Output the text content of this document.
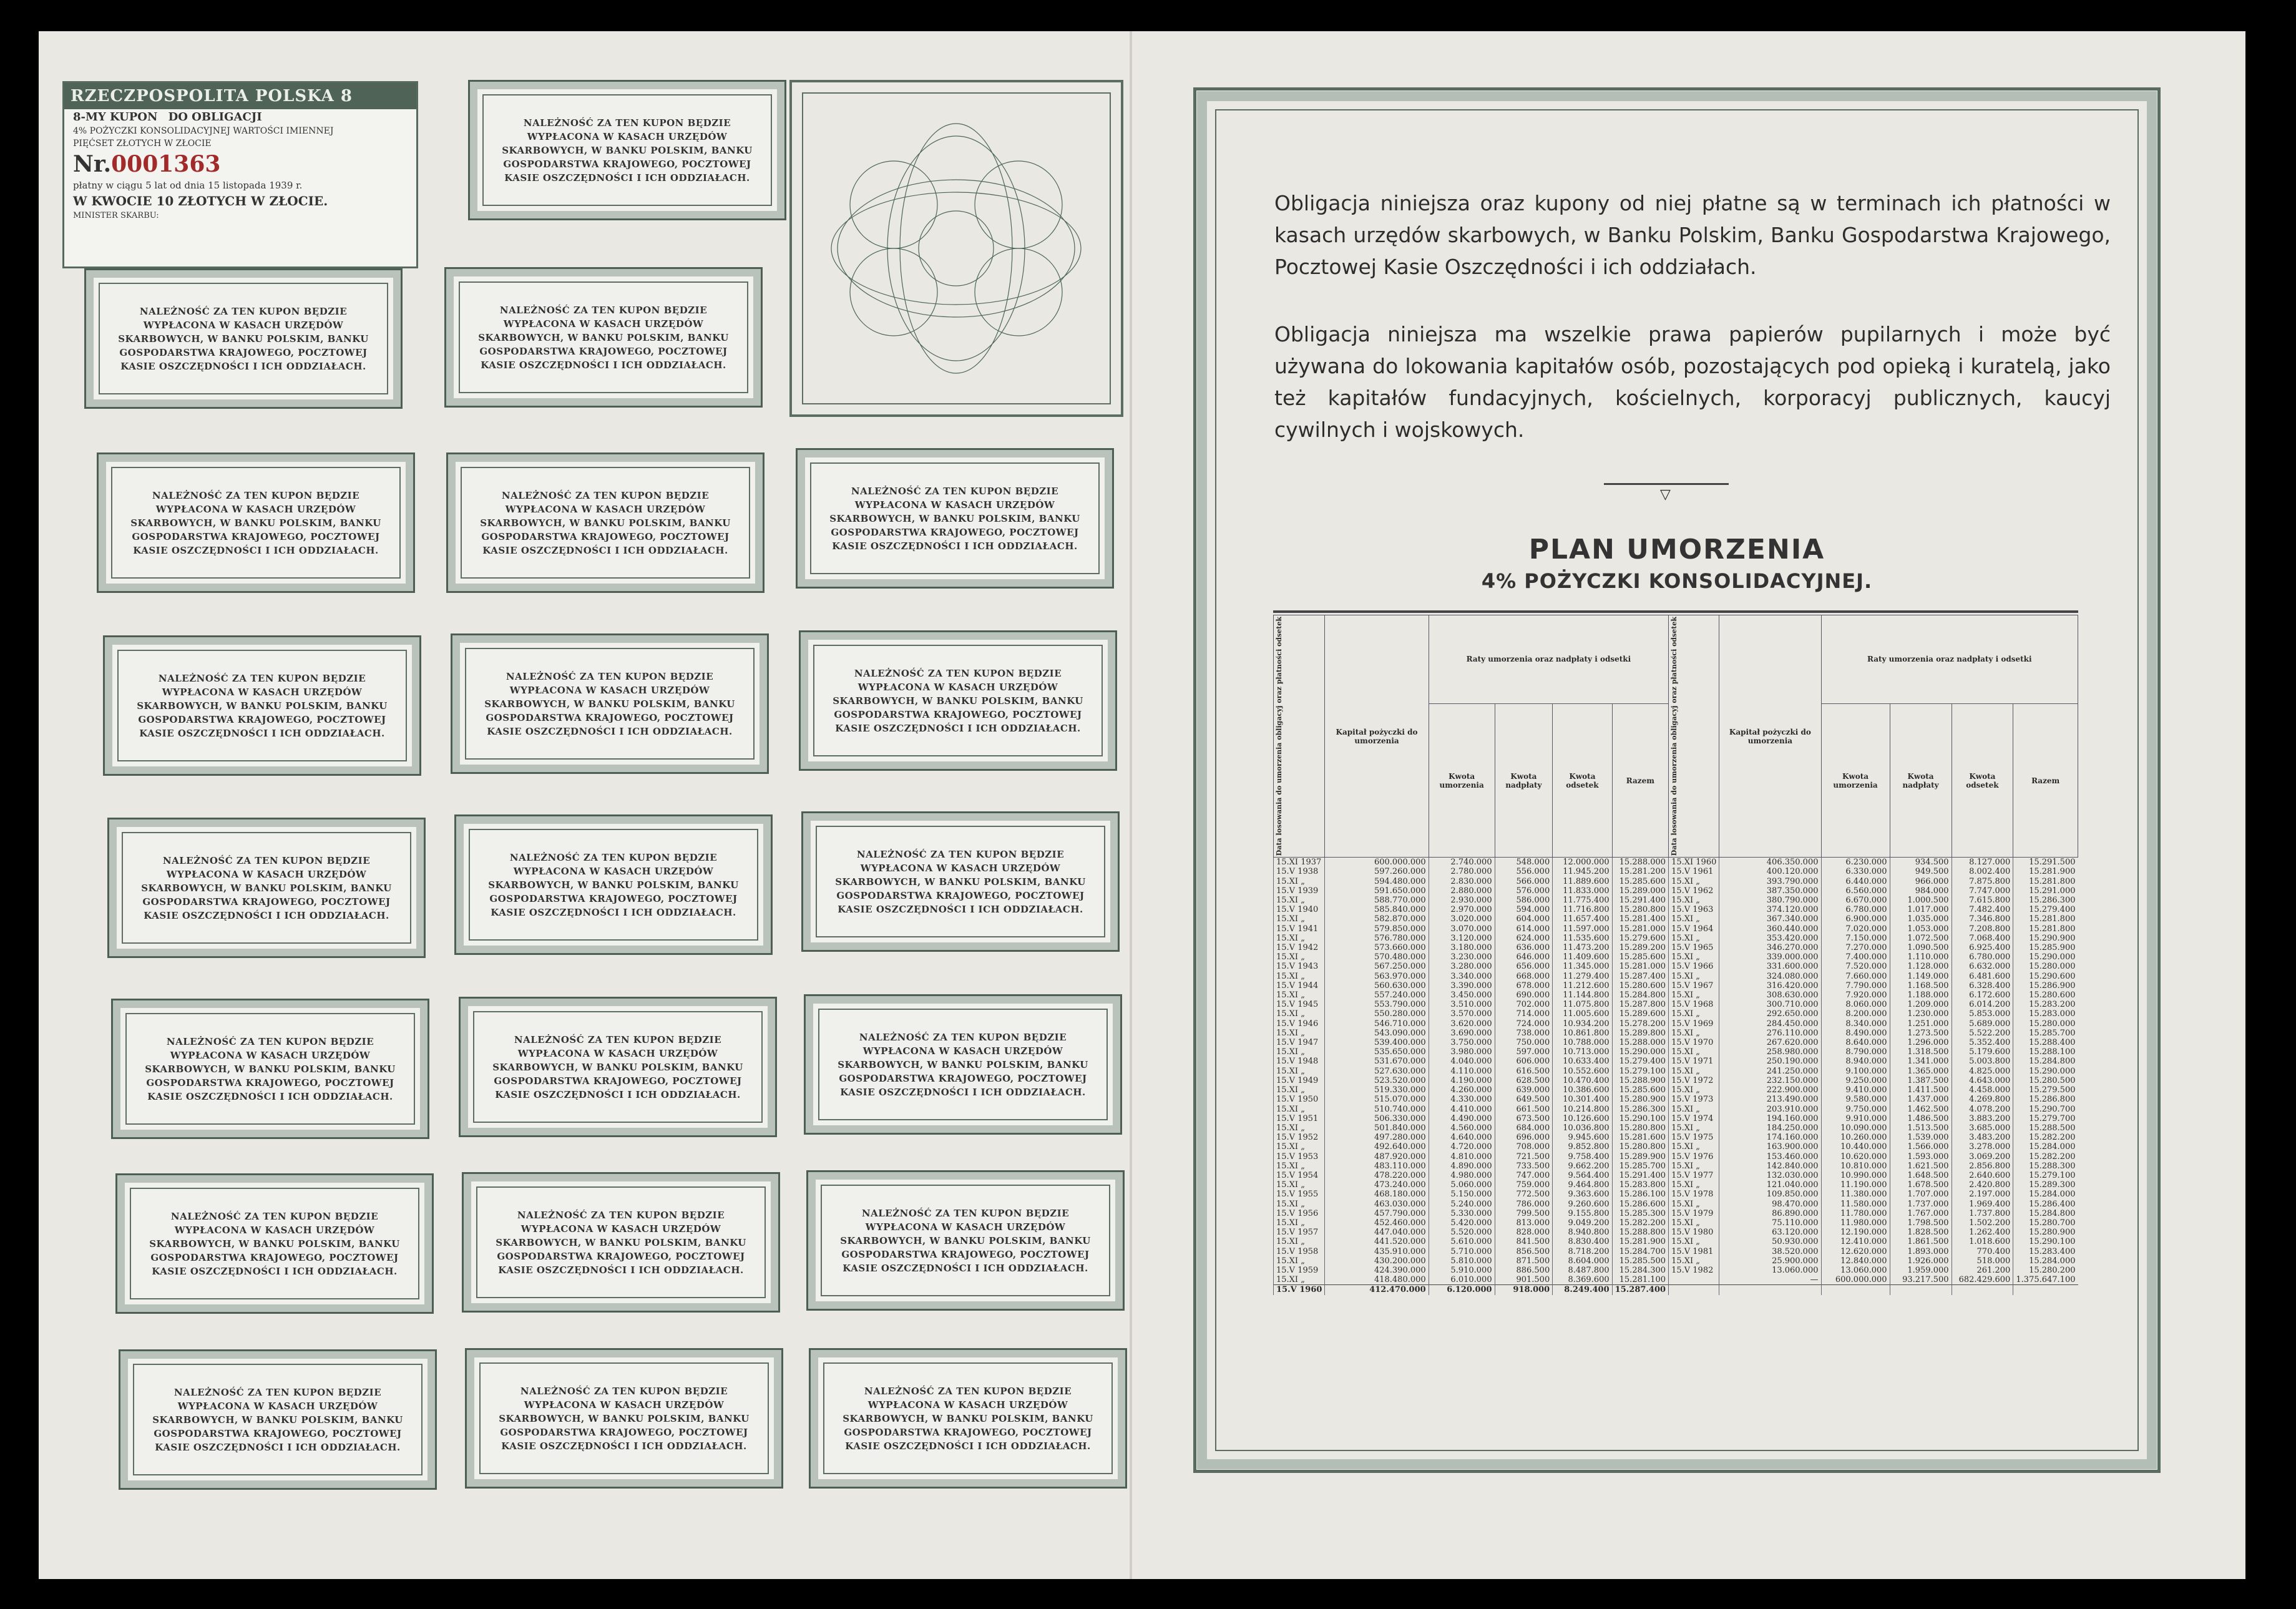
RZECZPOSPOLITA POLSKA 8
8-MY KUPON DO OBLIGACJI
4% POŻYCZKI KONSOLIDACYJNEJ WARTOŚCI IMIENNEJ
PIĘĆSET ZŁOTYCH W ZŁOCIE
Nr.0001363
płatny w ciągu 5 lat od dnia 15 listopada 1939 r.
W KWOCIE 10 ZŁOTYCH W ZŁOCIE.
MINISTER SKARBU:
NALEŻNOŚĆ ZA TEN KUPON BĘDZIE WYPŁACONA W KASACH URZĘDÓW SKARBOWYCH, W BANKU POLSKIM, BANKU GOSPODARSTWA KRAJOWEGO, POCZTOWEJ KASIE OSZCZĘDNOŚCI I ICH ODDZIAŁACH.
NALEŻNOŚĆ ZA TEN KUPON BĘDZIE WYPŁACONA W KASACH URZĘDÓW SKARBOWYCH, W BANKU POLSKIM, BANKU GOSPODARSTWA KRAJOWEGO, POCZTOWEJ KASIE OSZCZĘDNOŚCI I ICH ODDZIAŁACH.
NALEŻNOŚĆ ZA TEN KUPON BĘDZIE WYPŁACONA W KASACH URZĘDÓW SKARBOWYCH, W BANKU POLSKIM, BANKU GOSPODARSTWA KRAJOWEGO, POCZTOWEJ KASIE OSZCZĘDNOŚCI I ICH ODDZIAŁACH.
NALEŻNOŚĆ ZA TEN KUPON BĘDZIE WYPŁACONA W KASACH URZĘDÓW SKARBOWYCH, W BANKU POLSKIM, BANKU GOSPODARSTWA KRAJOWEGO, POCZTOWEJ KASIE OSZCZĘDNOŚCI I ICH ODDZIAŁACH.
NALEŻNOŚĆ ZA TEN KUPON BĘDZIE WYPŁACONA W KASACH URZĘDÓW SKARBOWYCH, W BANKU POLSKIM, BANKU GOSPODARSTWA KRAJOWEGO, POCZTOWEJ KASIE OSZCZĘDNOŚCI I ICH ODDZIAŁACH.
NALEŻNOŚĆ ZA TEN KUPON BĘDZIE WYPŁACONA W KASACH URZĘDÓW SKARBOWYCH, W BANKU POLSKIM, BANKU GOSPODARSTWA KRAJOWEGO, POCZTOWEJ KASIE OSZCZĘDNOŚCI I ICH ODDZIAŁACH.
NALEŻNOŚĆ ZA TEN KUPON BĘDZIE WYPŁACONA W KASACH URZĘDÓW SKARBOWYCH, W BANKU POLSKIM, BANKU GOSPODARSTWA KRAJOWEGO, POCZTOWEJ KASIE OSZCZĘDNOŚCI I ICH ODDZIAŁACH.
NALEŻNOŚĆ ZA TEN KUPON BĘDZIE WYPŁACONA W KASACH URZĘDÓW SKARBOWYCH, W BANKU POLSKIM, BANKU GOSPODARSTWA KRAJOWEGO, POCZTOWEJ KASIE OSZCZĘDNOŚCI I ICH ODDZIAŁACH.
NALEŻNOŚĆ ZA TEN KUPON BĘDZIE WYPŁACONA W KASACH URZĘDÓW SKARBOWYCH, W BANKU POLSKIM, BANKU GOSPODARSTWA KRAJOWEGO, POCZTOWEJ KASIE OSZCZĘDNOŚCI I ICH ODDZIAŁACH.
NALEŻNOŚĆ ZA TEN KUPON BĘDZIE WYPŁACONA W KASACH URZĘDÓW SKARBOWYCH, W BANKU POLSKIM, BANKU GOSPODARSTWA KRAJOWEGO, POCZTOWEJ KASIE OSZCZĘDNOŚCI I ICH ODDZIAŁACH.
NALEŻNOŚĆ ZA TEN KUPON BĘDZIE WYPŁACONA W KASACH URZĘDÓW SKARBOWYCH, W BANKU POLSKIM, BANKU GOSPODARSTWA KRAJOWEGO, POCZTOWEJ KASIE OSZCZĘDNOŚCI I ICH ODDZIAŁACH.
NALEŻNOŚĆ ZA TEN KUPON BĘDZIE WYPŁACONA W KASACH URZĘDÓW SKARBOWYCH, W BANKU POLSKIM, BANKU GOSPODARSTWA KRAJOWEGO, POCZTOWEJ KASIE OSZCZĘDNOŚCI I ICH ODDZIAŁACH.
NALEŻNOŚĆ ZA TEN KUPON BĘDZIE WYPŁACONA W KASACH URZĘDÓW SKARBOWYCH, W BANKU POLSKIM, BANKU GOSPODARSTWA KRAJOWEGO, POCZTOWEJ KASIE OSZCZĘDNOŚCI I ICH ODDZIAŁACH.
NALEŻNOŚĆ ZA TEN KUPON BĘDZIE WYPŁACONA W KASACH URZĘDÓW SKARBOWYCH, W BANKU POLSKIM, BANKU GOSPODARSTWA KRAJOWEGO, POCZTOWEJ KASIE OSZCZĘDNOŚCI I ICH ODDZIAŁACH.
NALEŻNOŚĆ ZA TEN KUPON BĘDZIE WYPŁACONA W KASACH URZĘDÓW SKARBOWYCH, W BANKU POLSKIM, BANKU GOSPODARSTWA KRAJOWEGO, POCZTOWEJ KASIE OSZCZĘDNOŚCI I ICH ODDZIAŁACH.
NALEŻNOŚĆ ZA TEN KUPON BĘDZIE WYPŁACONA W KASACH URZĘDÓW SKARBOWYCH, W BANKU POLSKIM, BANKU GOSPODARSTWA KRAJOWEGO, POCZTOWEJ KASIE OSZCZĘDNOŚCI I ICH ODDZIAŁACH.
NALEŻNOŚĆ ZA TEN KUPON BĘDZIE WYPŁACONA W KASACH URZĘDÓW SKARBOWYCH, W BANKU POLSKIM, BANKU GOSPODARSTWA KRAJOWEGO, POCZTOWEJ KASIE OSZCZĘDNOŚCI I ICH ODDZIAŁACH.
NALEŻNOŚĆ ZA TEN KUPON BĘDZIE WYPŁACONA W KASACH URZĘDÓW SKARBOWYCH, W BANKU POLSKIM, BANKU GOSPODARSTWA KRAJOWEGO, POCZTOWEJ KASIE OSZCZĘDNOŚCI I ICH ODDZIAŁACH.
NALEŻNOŚĆ ZA TEN KUPON BĘDZIE WYPŁACONA W KASACH URZĘDÓW SKARBOWYCH, W BANKU POLSKIM, BANKU GOSPODARSTWA KRAJOWEGO, POCZTOWEJ KASIE OSZCZĘDNOŚCI I ICH ODDZIAŁACH.
NALEŻNOŚĆ ZA TEN KUPON BĘDZIE WYPŁACONA W KASACH URZĘDÓW SKARBOWYCH, W BANKU POLSKIM, BANKU GOSPODARSTWA KRAJOWEGO, POCZTOWEJ KASIE OSZCZĘDNOŚCI I ICH ODDZIAŁACH.
NALEŻNOŚĆ ZA TEN KUPON BĘDZIE WYPŁACONA W KASACH URZĘDÓW SKARBOWYCH, W BANKU POLSKIM, BANKU GOSPODARSTWA KRAJOWEGO, POCZTOWEJ KASIE OSZCZĘDNOŚCI I ICH ODDZIAŁACH.
Obligacja niniejsza oraz kupony od niej płatne są w terminach ich płatności w kasach urzędów skarbowych, w Banku Polskim, Banku Gospodarstwa Krajowego, Pocztowej Kasie Oszczędności i ich oddziałach.
Obligacja niniejsza ma wszelkie prawa papierów pupilarnych i może być używana do lokowania kapitałów osób, pozostających pod opieką i kuratelą, jako też kapitałów fundacyjnych, kościelnych, korporacyj publicznych, kaucyj cywilnych i wojskowych.
▽
PLAN UMORZENIA
4% POŻYCZKI KONSOLIDACYJNEJ.
Data losowania do umorzenia obligacyj oraz płatności odsetek	Kapitał pożyczki do umorzenia	Raty umorzenia oraz nadpłaty i odsetki				Data losowania do umorzenia obligacyj oraz płatności odsetek	Kapitał pożyczki do umorzenia	Raty umorzenia oraz nadpłaty i odsetki			
		Kwota umorzenia	Kwota nadpłaty	Kwota odsetek	Razem			Kwota umorzenia	Kwota nadpłaty	Kwota odsetek	Razem
15.XI 1937	600.000.000	2.740.000	548.000	12.000.000	15.288.000	15.XI 1960	406.350.000	6.230.000	934.500	8.127.000	15.291.500
15.V 1938	597.260.000	2.780.000	556.000	11.945.200	15.281.200	15.V 1961	400.120.000	6.330.000	949.500	8.002.400	15.281.900
15.XI „	594.480.000	2.830.000	566.000	11.889.600	15.285.600	15.XI „	393.790.000	6.440.000	966.000	7.875.800	15.281.800
15.V 1939	591.650.000	2.880.000	576.000	11.833.000	15.289.000	15.V 1962	387.350.000	6.560.000	984.000	7.747.000	15.291.000
15.XI „	588.770.000	2.930.000	586.000	11.775.400	15.291.400	15.XI „	380.790.000	6.670.000	1.000.500	7.615.800	15.286.300
15.V 1940	585.840.000	2.970.000	594.000	11.716.800	15.280.800	15.V 1963	374.120.000	6.780.000	1.017.000	7.482.400	15.279.400
15.XI „	582.870.000	3.020.000	604.000	11.657.400	15.281.400	15.XI „	367.340.000	6.900.000	1.035.000	7.346.800	15.281.800
15.V 1941	579.850.000	3.070.000	614.000	11.597.000	15.281.000	15.V 1964	360.440.000	7.020.000	1.053.000	7.208.800	15.281.800
15.XI „	576.780.000	3.120.000	624.000	11.535.600	15.279.600	15.XI „	353.420.000	7.150.000	1.072.500	7.068.400	15.290.900
15.V 1942	573.660.000	3.180.000	636.000	11.473.200	15.289.200	15.V 1965	346.270.000	7.270.000	1.090.500	6.925.400	15.285.900
15.XI „	570.480.000	3.230.000	646.000	11.409.600	15.285.600	15.XI „	339.000.000	7.400.000	1.110.000	6.780.000	15.290.000
15.V 1943	567.250.000	3.280.000	656.000	11.345.000	15.281.000	15.V 1966	331.600.000	7.520.000	1.128.000	6.632.000	15.280.000
15.XI „	563.970.000	3.340.000	668.000	11.279.400	15.287.400	15.XI „	324.080.000	7.660.000	1.149.000	6.481.600	15.290.600
15.V 1944	560.630.000	3.390.000	678.000	11.212.600	15.280.600	15.V 1967	316.420.000	7.790.000	1.168.500	6.328.400	15.286.900
15.XI „	557.240.000	3.450.000	690.000	11.144.800	15.284.800	15.XI „	308.630.000	7.920.000	1.188.000	6.172.600	15.280.600
15.V 1945	553.790.000	3.510.000	702.000	11.075.800	15.287.800	15.V 1968	300.710.000	8.060.000	1.209.000	6.014.200	15.283.200
15.XI „	550.280.000	3.570.000	714.000	11.005.600	15.289.600	15.XI „	292.650.000	8.200.000	1.230.000	5.853.000	15.283.000
15.V 1946	546.710.000	3.620.000	724.000	10.934.200	15.278.200	15.V 1969	284.450.000	8.340.000	1.251.000	5.689.000	15.280.000
15.XI „	543.090.000	3.690.000	738.000	10.861.800	15.289.800	15.XI „	276.110.000	8.490.000	1.273.500	5.522.200	15.285.700
15.V 1947	539.400.000	3.750.000	750.000	10.788.000	15.288.000	15.V 1970	267.620.000	8.640.000	1.296.000	5.352.400	15.288.400
15.XI „	535.650.000	3.980.000	597.000	10.713.000	15.290.000	15.XI „	258.980.000	8.790.000	1.318.500	5.179.600	15.288.100
15.V 1948	531.670.000	4.040.000	606.000	10.633.400	15.279.400	15.V 1971	250.190.000	8.940.000	1.341.000	5.003.800	15.284.800
15.XI „	527.630.000	4.110.000	616.500	10.552.600	15.279.100	15.XI „	241.250.000	9.100.000	1.365.000	4.825.000	15.290.000
15.V 1949	523.520.000	4.190.000	628.500	10.470.400	15.288.900	15.V 1972	232.150.000	9.250.000	1.387.500	4.643.000	15.280.500
15.XI „	519.330.000	4.260.000	639.000	10.386.600	15.285.600	15.XI „	222.900.000	9.410.000	1.411.500	4.458.000	15.279.500
15.V 1950	515.070.000	4.330.000	649.500	10.301.400	15.280.900	15.V 1973	213.490.000	9.580.000	1.437.000	4.269.800	15.286.800
15.XI „	510.740.000	4.410.000	661.500	10.214.800	15.286.300	15.XI „	203.910.000	9.750.000	1.462.500	4.078.200	15.290.700
15.V 1951	506.330.000	4.490.000	673.500	10.126.600	15.290.100	15.V 1974	194.160.000	9.910.000	1.486.500	3.883.200	15.279.700
15.XI „	501.840.000	4.560.000	684.000	10.036.800	15.280.800	15.XI „	184.250.000	10.090.000	1.513.500	3.685.000	15.288.500
15.V 1952	497.280.000	4.640.000	696.000	9.945.600	15.281.600	15.V 1975	174.160.000	10.260.000	1.539.000	3.483.200	15.282.200
15.XI „	492.640.000	4.720.000	708.000	9.852.800	15.280.800	15.XI „	163.900.000	10.440.000	1.566.000	3.278.000	15.284.000
15.V 1953	487.920.000	4.810.000	721.500	9.758.400	15.289.900	15.V 1976	153.460.000	10.620.000	1.593.000	3.069.200	15.282.200
15.XI „	483.110.000	4.890.000	733.500	9.662.200	15.285.700	15.XI „	142.840.000	10.810.000	1.621.500	2.856.800	15.288.300
15.V 1954	478.220.000	4.980.000	747.000	9.564.400	15.291.400	15.V 1977	132.030.000	10.990.000	1.648.500	2.640.600	15.279.100
15.XI „	473.240.000	5.060.000	759.000	9.464.800	15.283.800	15.XI „	121.040.000	11.190.000	1.678.500	2.420.800	15.289.300
15.V 1955	468.180.000	5.150.000	772.500	9.363.600	15.286.100	15.V 1978	109.850.000	11.380.000	1.707.000	2.197.000	15.284.000
15.XI „	463.030.000	5.240.000	786.000	9.260.600	15.286.600	15.XI „	98.470.000	11.580.000	1.737.000	1.969.400	15.286.400
15.V 1956	457.790.000	5.330.000	799.500	9.155.800	15.285.300	15.V 1979	86.890.000	11.780.000	1.767.000	1.737.800	15.284.800
15.XI „	452.460.000	5.420.000	813.000	9.049.200	15.282.200	15.XI „	75.110.000	11.980.000	1.798.500	1.502.200	15.280.700
15.V 1957	447.040.000	5.520.000	828.000	8.940.800	15.288.800	15.V 1980	63.120.000	12.190.000	1.828.500	1.262.400	15.280.900
15.XI „	441.520.000	5.610.000	841.500	8.830.400	15.281.900	15.XI „	50.930.000	12.410.000	1.861.500	1.018.600	15.290.100
15.V 1958	435.910.000	5.710.000	856.500	8.718.200	15.284.700	15.V 1981	38.520.000	12.620.000	1.893.000	770.400	15.283.400
15.XI „	430.200.000	5.810.000	871.500	8.604.000	15.285.500	15.XI „	25.900.000	12.840.000	1.926.000	518.000	15.284.000
15.V 1959	424.390.000	5.910.000	886.500	8.487.800	15.284.300	15.V 1982	13.060.000	13.060.000	1.959.000	261.200	15.280.200
15.XI „	418.480.000	6.010.000	901.500	8.369.600	15.281.100		—	600.000.000	93.217.500	682.429.600	1.375.647.100
15.V 1960	412.470.000	6.120.000	918.000	8.249.400	15.287.400						
